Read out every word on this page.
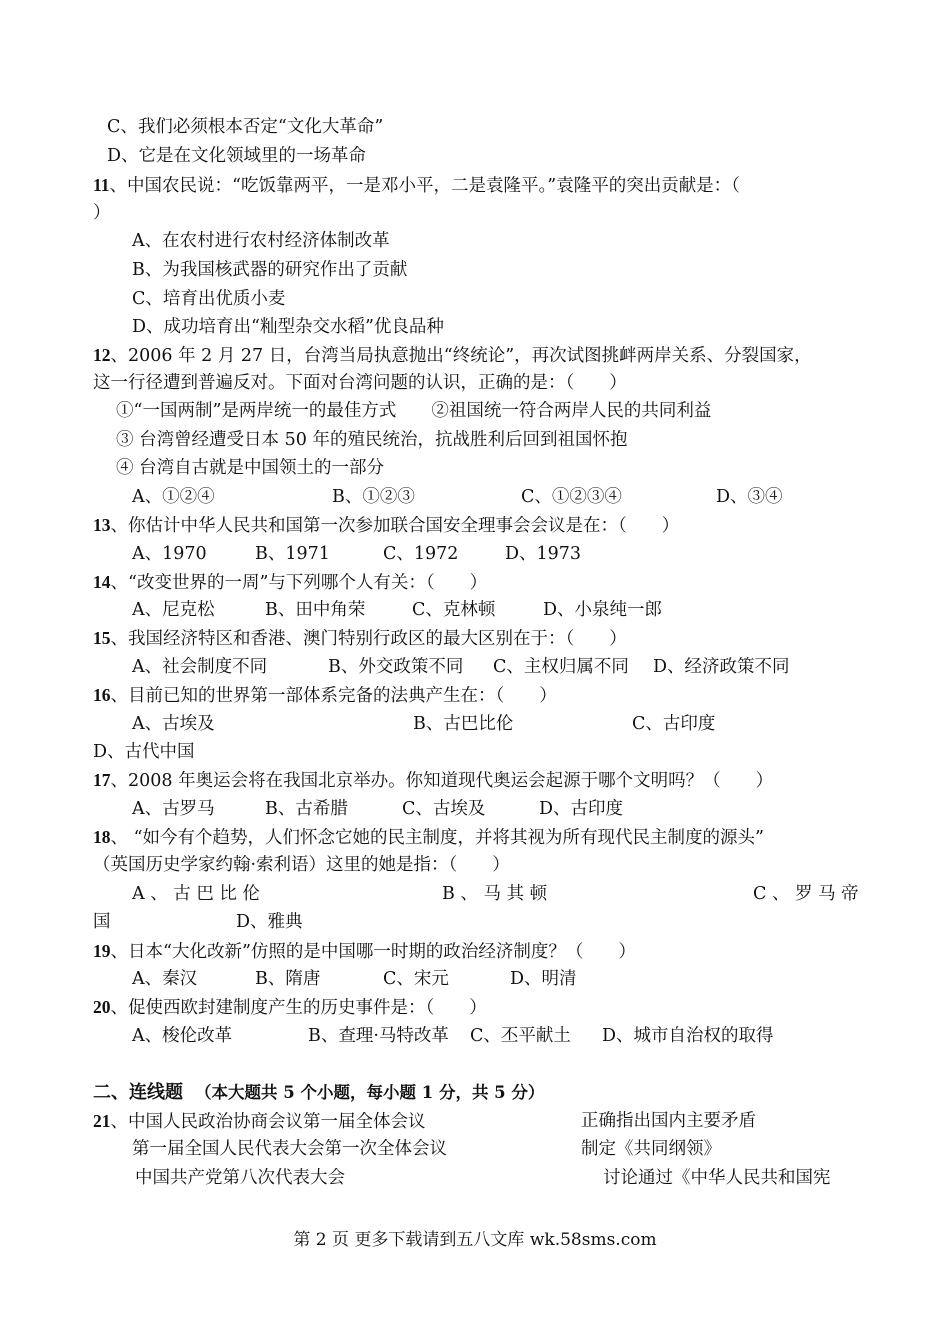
C、我们必须根本否定“文化大革命”
D、它是在文化领域里的一场革命
11、中国农民说：“吃饭靠两平，一是邓小平，二是袁隆平。”袁隆平的突出贡献是：（
）
A、在农村进行农村经济体制改革
B、为我国核武器的研究作出了贡献
C、培育出优质小麦
D、成功培育出“籼型杂交水稻”优良品种
12、2006 年 2 月 27 日，台湾当局执意抛出“终统论”，再次试图挑衅两岸关系、分裂国家，
这一行径遭到普遍反对。下面对台湾问题的认识，正确的是：（　　）
①“一国两制”是两岸统一的最佳方式　　②祖国统一符合两岸人民的共同利益
③ 台湾曾经遭受日本 50 年的殖民统治，抗战胜利后回到祖国怀抱
④ 台湾自古就是中国领土的一部分
A、①②④	B、①②③	C、①②③④	D、③④
13、你估计中华人民共和国第一次参加联合国安全理事会会议是在：（　　）
A、1970	B、1971	C、1972	D、1973
14、“改变世界的一周”与下列哪个人有关：（　　）
A、尼克松	B、田中角荣	C、克林顿	D、小泉纯一郎
15、我国经济特区和香港、澳门特别行政区的最大区别在于：（　　）
A、社会制度不同	B、外交政策不同 C、主权归属不同 D、经济政策不同
16、目前已知的世界第一部体系完备的法典产生在：（　　）
A、古埃及	B、古巴比伦	C、古印度
D、古代中国
17、2008 年奥运会将在我国北京举办。你知道现代奥运会起源于哪个文明吗？（　　）
A、古罗马	B、古希腊	C、古埃及	D、古印度
18、 “如今有个趋势，人们怀念它她的民主制度，并将其视为所有现代民主制度的源头”
（英国历史学家约翰·索利语）这里的她是指：（　　）
A 、 古 巴 比 伦	B 、 马 其 顿	C 、 罗 马 帝
国	D、雅典
19、日本“大化改新”仿照的是中国哪一时期的政治经济制度？（　　）
A、秦汉	B、隋唐	C、宋元	D、明清
20、促使西欧封建制度产生的历史事件是：（　　）
A、梭伦改革	B、查理·马特改革 C、丕平献土 D、城市自治权的取得
二、连线题 （本大题共 5 个小题，每小题 1 分，共 5 分）
21、中国人民政治协商会议第一届全体会议	正确指出国内主要矛盾
第一届全国人民代表大会第一次全体会议	制定《共同纲领》
中国共产党第八次代表大会	讨论通过《中华人民共和国宪
第 2 页 更多下载请到五八文库 wk.58sms.com
